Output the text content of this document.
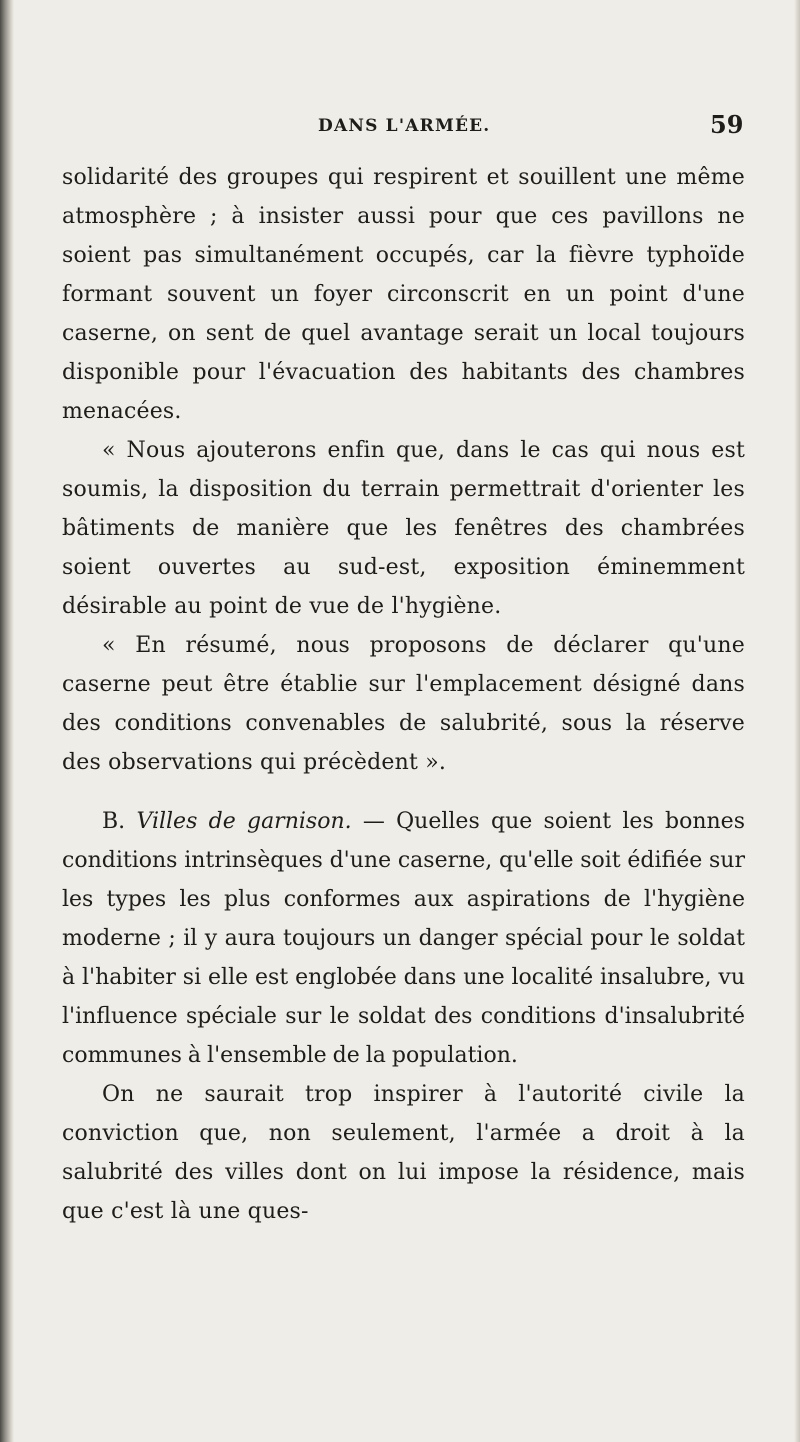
DANS L'ARMÉE.	59

solidarité des groupes qui respirent et souillent une même atmosphère ; à insister aussi pour que ces pavillons ne soient pas simultanément occupés, car la fièvre typhoïde formant souvent un foyer circonscrit en un point d'une caserne, on sent de quel avantage serait un local toujours disponible pour l'évacuation des habitants des chambres menacées.

« Nous ajouterons enfin que, dans le cas qui nous est soumis, la disposition du terrain permettrait d'orienter les bâtiments de manière que les fenêtres des chambrées soient ouvertes au sud-est, exposition éminemment désirable au point de vue de l'hygiène.

« En résumé, nous proposons de déclarer qu'une caserne peut être établie sur l'emplacement désigné dans des conditions convenables de salubrité, sous la réserve des observations qui précèdent ».

B. Villes de garnison. — Quelles que soient les bonnes conditions intrinsèques d'une caserne, qu'elle soit édifiée sur les types les plus conformes aux aspirations de l'hygiène moderne ; il y aura toujours un danger spécial pour le soldat à l'habiter si elle est englobée dans une localité insalubre, vu l'influence spéciale sur le soldat des conditions d'insalubrité communes à l'ensemble de la population.

On ne saurait trop inspirer à l'autorité civile la conviction que, non seulement, l'armée a droit à la salubrité des villes dont on lui impose la résidence, mais que c'est là une ques-
